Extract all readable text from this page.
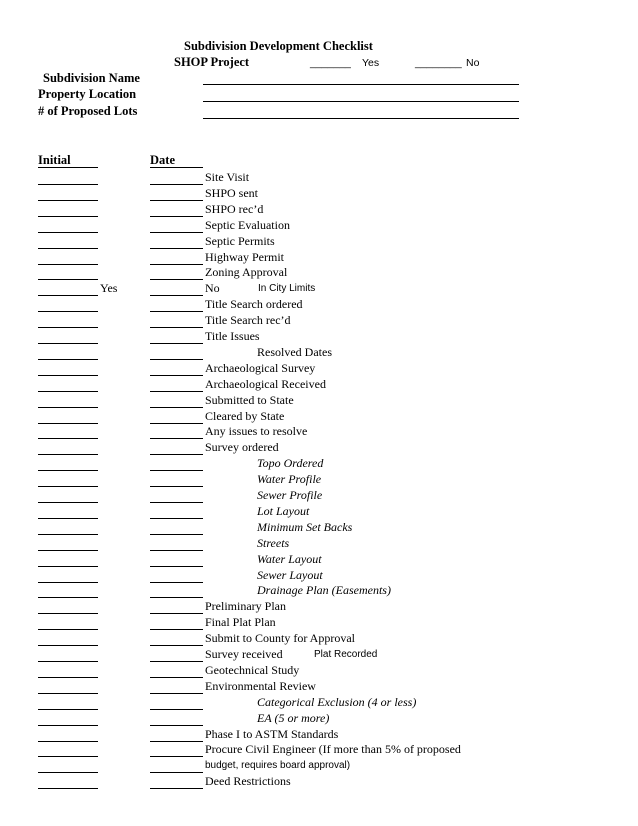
Subdivision Development Checklist
SHOP Project	_______ Yes	________ No
Subdivision Name
Property Location
# of Proposed Lots
Initial	Date
Site Visit
SHPO sent
SHPO rec’d
Septic Evaluation
Septic Permits
Highway Permit
Zoning Approval
Yes	No	In City Limits
Title Search ordered
Title Search rec’d
Title Issues
Resolved Dates
Archaeological Survey
Archaeological Received
Submitted to State
Cleared by State
Any issues to resolve
Survey ordered
Topo Ordered
Water Profile
Sewer Profile
Lot Layout
Minimum Set Backs
Streets
Water Layout
Sewer Layout
Drainage Plan (Easements)
Preliminary Plan
Final Plat Plan
Submit to County for Approval
Survey received	Plat Recorded
Geotechnical Study
Environmental Review
Categorical Exclusion (4 or less)
EA (5 or more)
Phase I to ASTM Standards
Procure Civil Engineer (If more than 5% of proposed
budget, requires board approval)
Deed Restrictions
